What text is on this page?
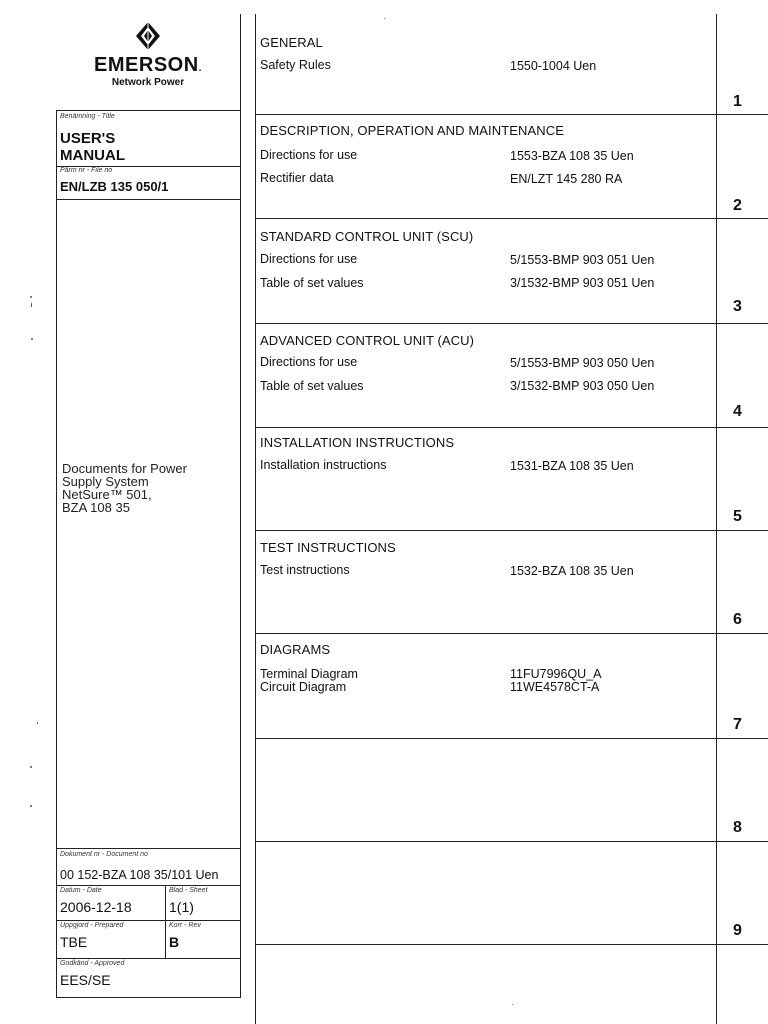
EMERSON.
Network Power
Benämning - Title
USER'S
MANUAL
Pärm nr - File no
EN/LZB 135 050/1
Documents for Power
Supply System
NetSure™ 501,
BZA 108 35
Dokument nr - Document no
00 152-BZA 108 35/101 Uen
Datum - Date
2006-12-18
Blad - Sheet
1(1)
Uppgjord - Prepared
TBE
Korr - Rev
B
Godkänd - Approved
EES/SE
GENERAL
Safety Rules	1550-1004 Uen
1
DESCRIPTION, OPERATION AND MAINTENANCE
Directions for use	1553-BZA 108 35 Uen
Rectifier data	EN/LZT 145 280 RA
2
STANDARD CONTROL UNIT (SCU)
Directions for use	5/1553-BMP 903 051 Uen
Table of set values	3/1532-BMP 903 051 Uen
3
ADVANCED CONTROL UNIT (ACU)
Directions for use	5/1553-BMP 903 050 Uen
Table of set values	3/1532-BMP 903 050 Uen
4
INSTALLATION INSTRUCTIONS
Installation instructions	1531-BZA 108 35 Uen
5
TEST INSTRUCTIONS
Test instructions	1532-BZA 108 35 Uen
6
DIAGRAMS
Terminal Diagram	11FU7996QU_A
Circuit Diagram	11WE4578CT-A
7
8
9
